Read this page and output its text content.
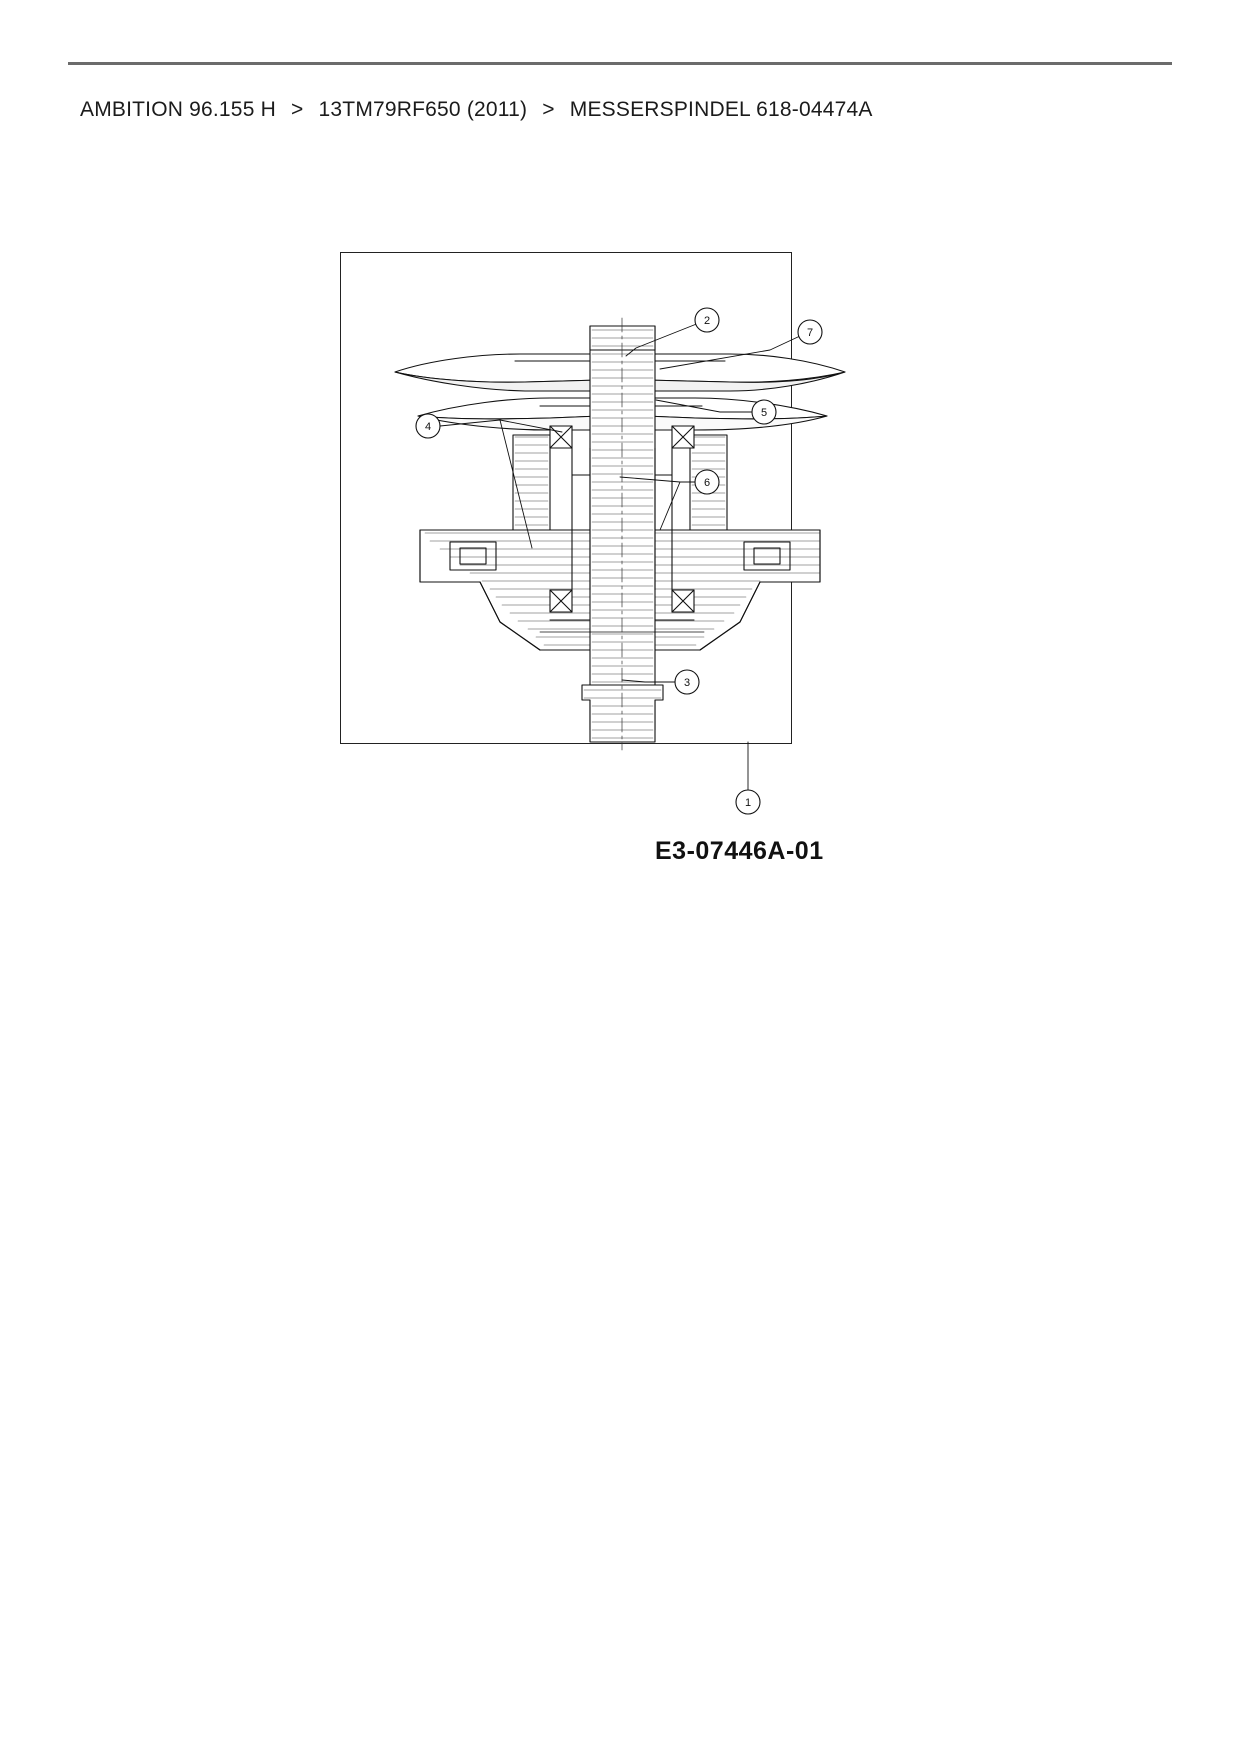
AMBITION 96.155 H > 13TM79RF650 (2011) > MESSERSPINDEL 618-04474A
2
7
5
4
6
3
1
E3-07446A-01
